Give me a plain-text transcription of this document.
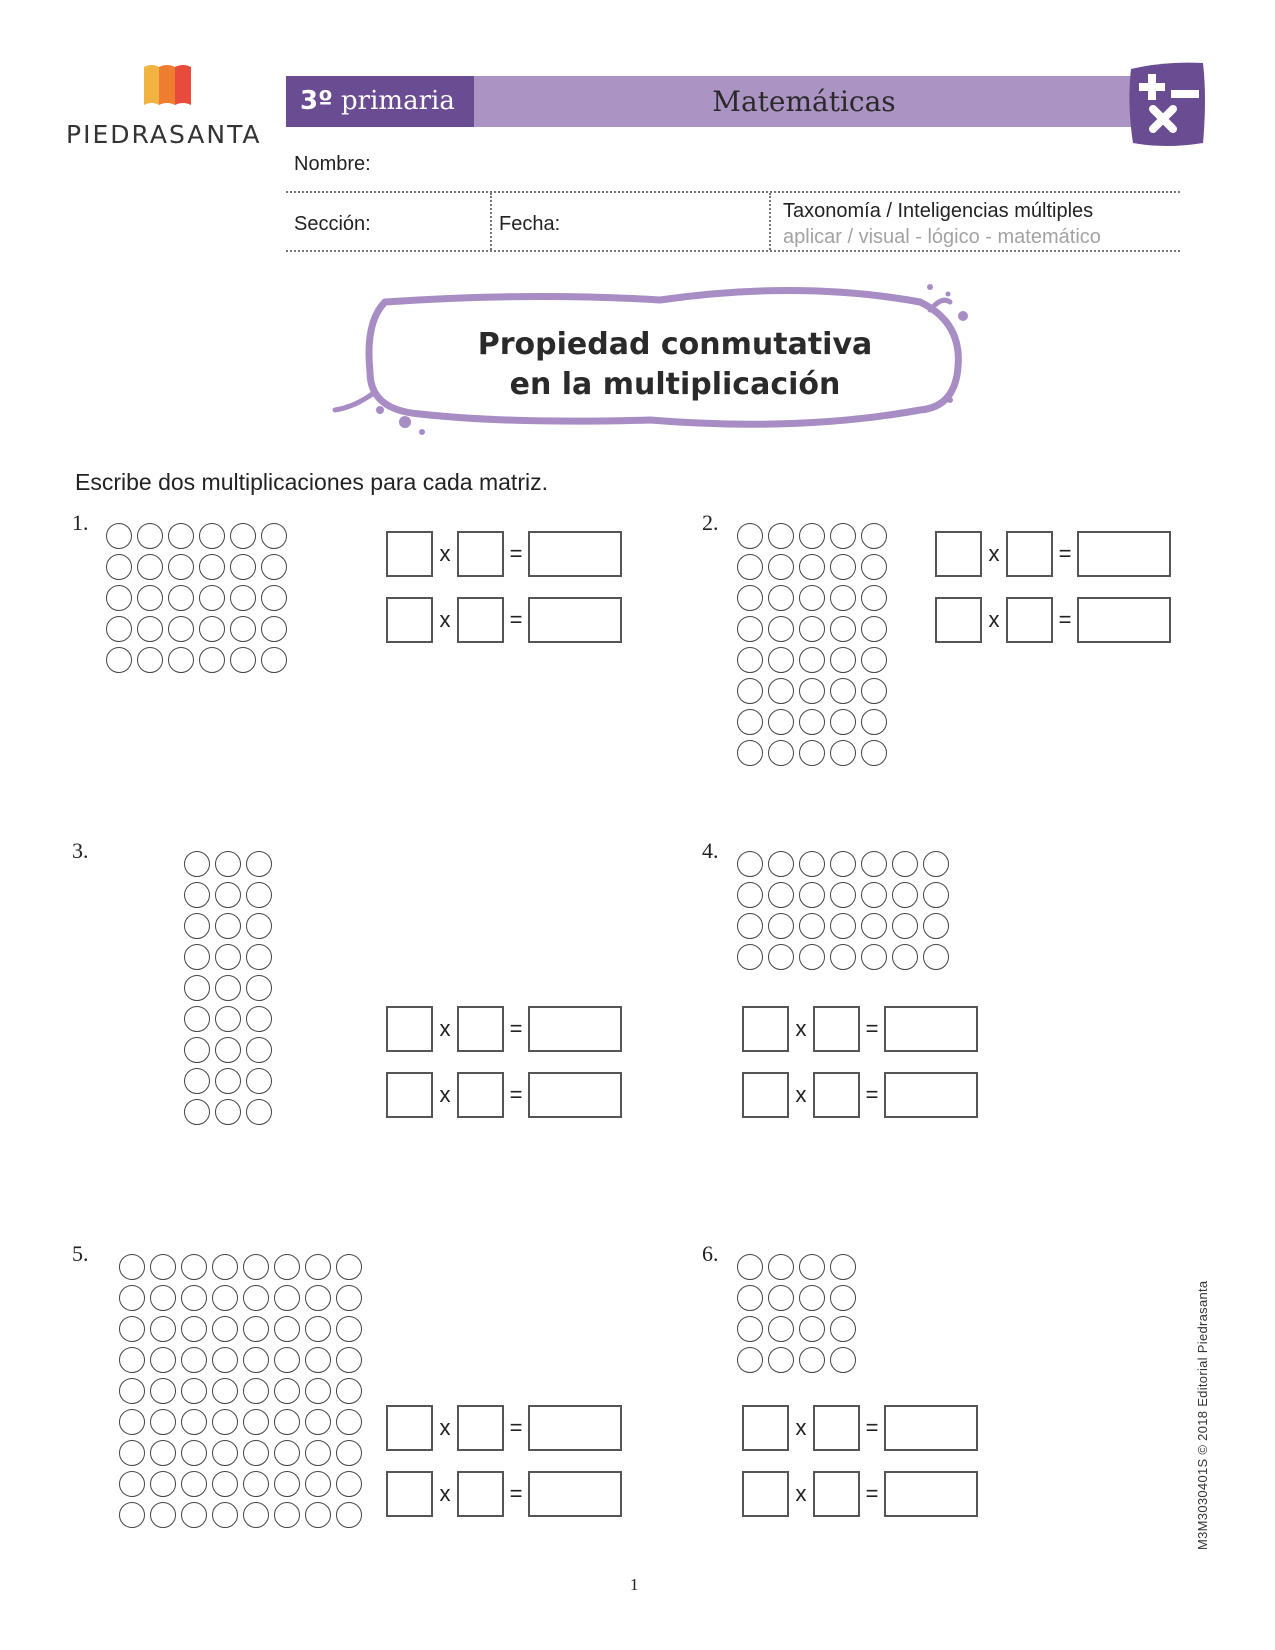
PIEDRASANTA
3º primaria	Matemáticas
Nombre:
Sección:	Fecha:
Taxonomía / Inteligencias múltiples
aplicar / visual - lógico - matemático
Propiedad conmutativa
en la multiplicación
Escribe dos multiplicaciones para cada matriz.
1.
x	=
x	=
2.
x	=
x	=
3.
x	=
x	=
4.
x	=
x	=
5.
x	=
x	=
6.
x	=
x	=
1
M3M3030401S © 2018 Editorial Piedrasanta
